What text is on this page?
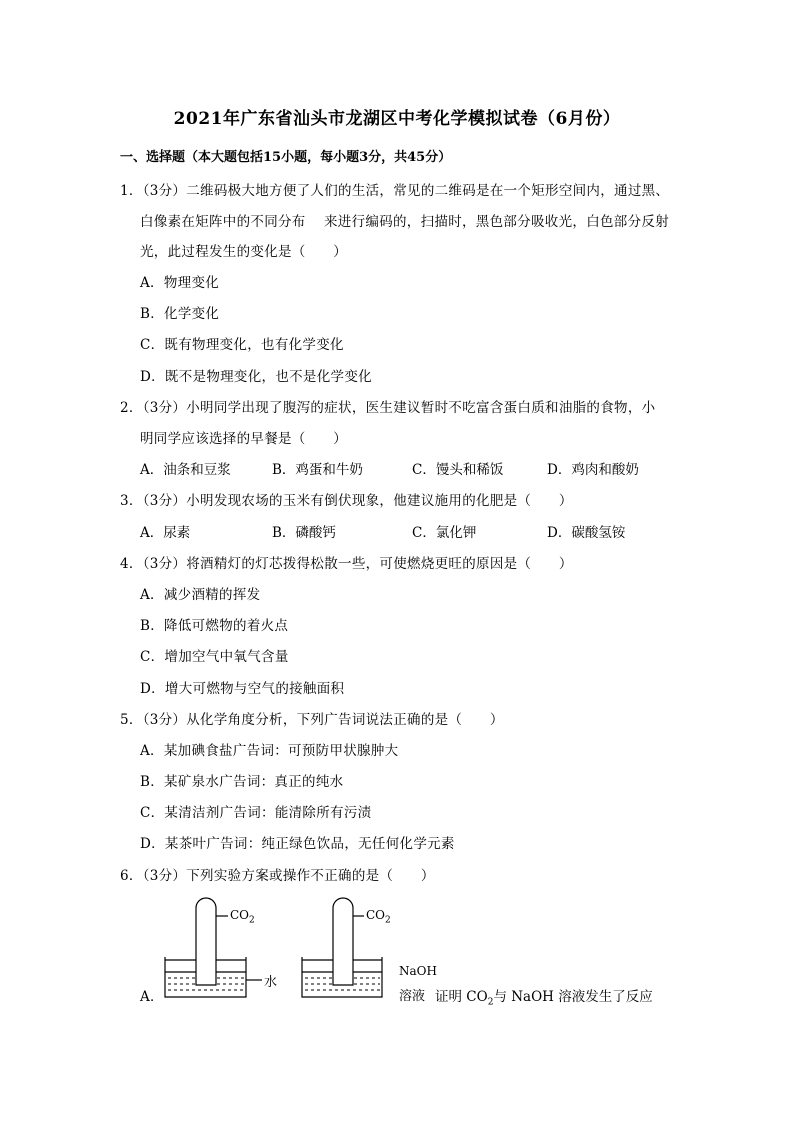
2021年广东省汕头市龙湖区中考化学模拟试卷（6月份）
一、选择题（本大题包括15小题，每小题3分，共45分）
1．（3分）二维码极大地方便了人们的生活，常见的二维码是在一个矩形空间内，通过黑、
白像素在矩阵中的不同分布　 来进行编码的，扫描时，黑色部分吸收光，白色部分反射
光，此过程发生的变化是（　　）
A．物理变化
B．化学变化
C．既有物理变化，也有化学变化
D．既不是物理变化，也不是化学变化
2．（3分）小明同学出现了腹泻的症状，医生建议暂时不吃富含蛋白质和油脂的食物，小
明同学应该选择的早餐是（　　）
A．油条和豆浆	B．鸡蛋和牛奶	C．馒头和稀饭	D．鸡肉和酸奶
3．（3分）小明发现农场的玉米有倒伏现象，他建议施用的化肥是（　　）
A．尿素	B．磷酸钙	C．氯化钾	D．碳酸氢铵
4．（3分）将酒精灯的灯芯拨得松散一些，可使燃烧更旺的原因是（　　）
A．减少酒精的挥发
B．降低可燃物的着火点
C．增加空气中氧气含量
D．增大可燃物与空气的接触面积
5．（3分）从化学角度分析，下列广告词说法正确的是（　　）
A．某加碘食盐广告词：可预防甲状腺肿大
B．某矿泉水广告词：真正的纯水
C．某清洁剂广告词：能清除所有污渍
D．某茶叶广告词：纯正绿色饮品，无任何化学元素
6．（3分）下列实验方案或操作不正确的是（　　）
$CO_2$	$CO_2$
水
NaOH
溶液
A．	证明 $CO_2$与 NaOH 溶液发生了反应
